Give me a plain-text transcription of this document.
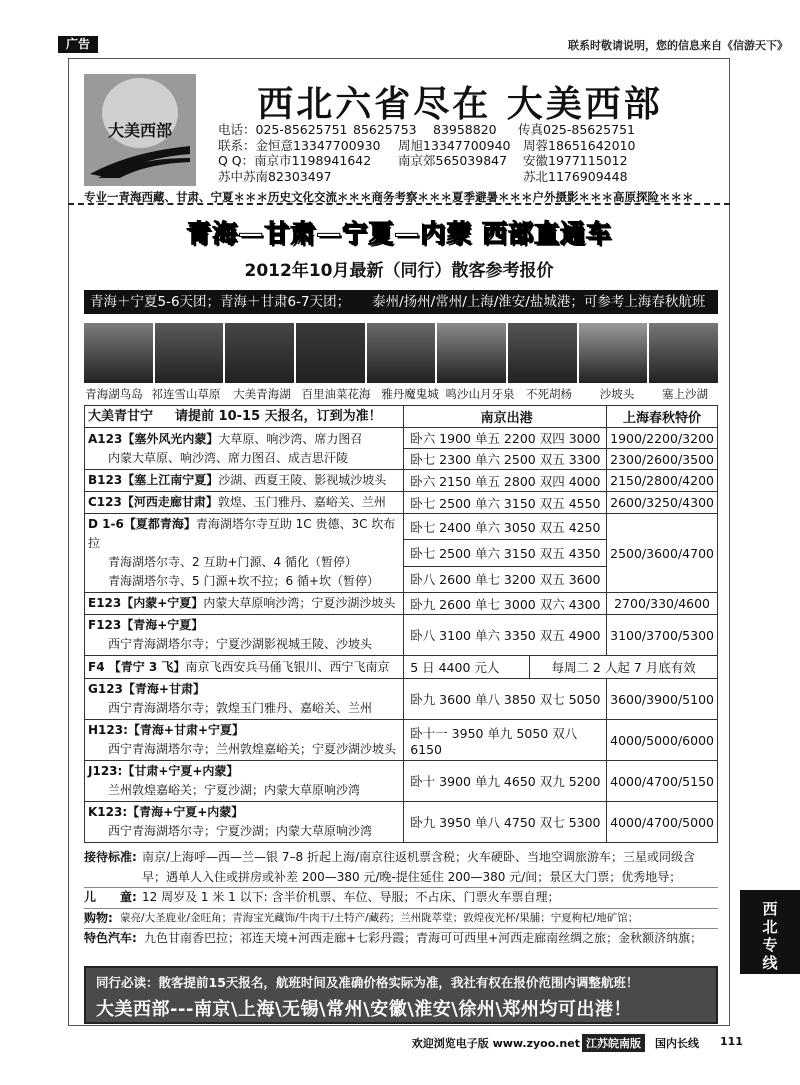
广告	联系时敬请说明，您的信息来自《信游天下》
大美西部
西北六省尽在 大美西部
电话：025-85625751 85625753	83958820	传真025-85625751
联系：金恒意13347700930	周旭13347700940	周蓉18651642010
Q Q：南京市1198941642	南京郊565039847	安徽1977115012
苏中苏南82303497	苏北1176909448
专业一青海西藏、甘肃、宁夏＊＊＊历史文化交流＊＊＊商务考察＊＊＊夏季避暑＊＊＊户外摄影＊＊＊高原探险＊＊＊
青海—甘肃—宁夏—内蒙 西部直通车
2012年10月最新（同行）散客参考报价
青海＋宁夏5-6天团；青海＋甘肃6-7天团； 泰州/扬州/常州/上海/淮安/盐城港；可参考上海春秋航班
青海湖鸟岛 祁连雪山草原	大美青海湖 百里油菜花海 雅丹魔鬼城 鸣沙山月牙泉	不死胡杨	沙坡头	塞上沙湖
大美青甘宁 请提前 10-15 天报名，订到为准！	南京出港	上海春秋特价
A123【塞外风光内蒙】大草原、响沙湾、席力图召
内蒙大草原、响沙湾、席力图召、成吉思汗陵	卧六 1900 单五 2200 双四 3000	1900/2200/3200
	卧七 2300 单六 2500 双五 3300	2300/2600/3500
B123【塞上江南宁夏】沙湖、西夏王陵、影视城沙坡头	卧六 2150 单五 2800 双四 4000	2150/2800/4200
C123【河西走廊甘肃】敦煌、玉门雅丹、嘉峪关、兰州	卧七 2500 单六 3150 双五 4550	2600/3250/4300
D 1-6【夏都青海】青海湖塔尔寺互助 1C 贵德、3C 坎布拉
青海湖塔尔寺、2 互助+门源、4 循化（暂停）
青海湖塔尔寺、5 门源+坎不拉；6 循+坎（暂停）	卧七 2400 单六 3050 双五 4250	2500/3600/4700
	卧七 2500 单六 3150 双五 4350	
	卧八 2600 单七 3200 双五 3600	
E123【内蒙+宁夏】内蒙大草原响沙湾；宁夏沙湖沙坡头	卧九 2600 单七 3000 双六 4300	2700/330/4600

F123【青海+宁夏】
西宁青海湖塔尔寺；宁夏沙湖影视城王陵、沙坡头	卧八 3100 单六 3350 双五 4900	3100/3700/5300
F4 【青宁 3 飞】南京飞西安兵马俑飞银川、西宁飞南京	5 日 4400 元人 每周二 2 人起 7 月底有效	

G123【青海+甘肃】
西宁青海湖塔尔寺；敦煌玉门雅丹、嘉峪关、兰州	卧九 3600 单八 3850 双七 5050	3600/3900/5100

H123:【青海+甘肃+宁夏】
西宁青海湖塔尔寺；兰州敦煌嘉峪关；宁夏沙湖沙坡头	卧十一 3950 单九 5050 双八 6150	4000/5000/6000

J123:【甘肃+宁夏+内蒙】
兰州敦煌嘉峪关；宁夏沙湖；内蒙大草原响沙湾	卧十 3900 单九 4650 双九 5200	4000/4700/5150

K123:【青海+宁夏+内蒙】
西宁青海湖塔尔寺；宁夏沙湖；内蒙大草原响沙湾	卧九 3950 单八 4750 双七 5300	4000/4700/5000
接待标准: 南京/上海呼—西—兰—银 7–8 折起上海/南京往返机票含税；火车硬卧、当地空调旅游车；三星或同级含早；遇单人入住或拼房或补差 200—380 元/晚-提住延住 200—380 元/间；景区大门票；优秀地导；
儿　　童: 12 周岁及 1 米 1 以下: 含半价机票、车位、导服；不占床、门票火车票自理；
购物: 蒙亮/大圣鹿业/金旺角；青海宝光藏饰/牛肉干/土特产/藏药；兰州陇萃堂；敦煌夜光杯/果脯；宁夏枸杞/地矿馆；
特色汽车: 九色甘南香巴拉；祁连天境+河西走廊+七彩丹霞；青海可可西里+河西走廊南丝绸之旅；金秋额济纳旗；
同行必读：散客提前15天报名，航班时间及准确价格实际为准，我社有权在报价范围内调整航班！
大美西部---南京\上海\无锡\常州\安徽\淮安\徐州\郑州均可出港！
西北专线
欢迎浏览电子版 www.zyoo.net 江苏皖南版	国内长线 111
